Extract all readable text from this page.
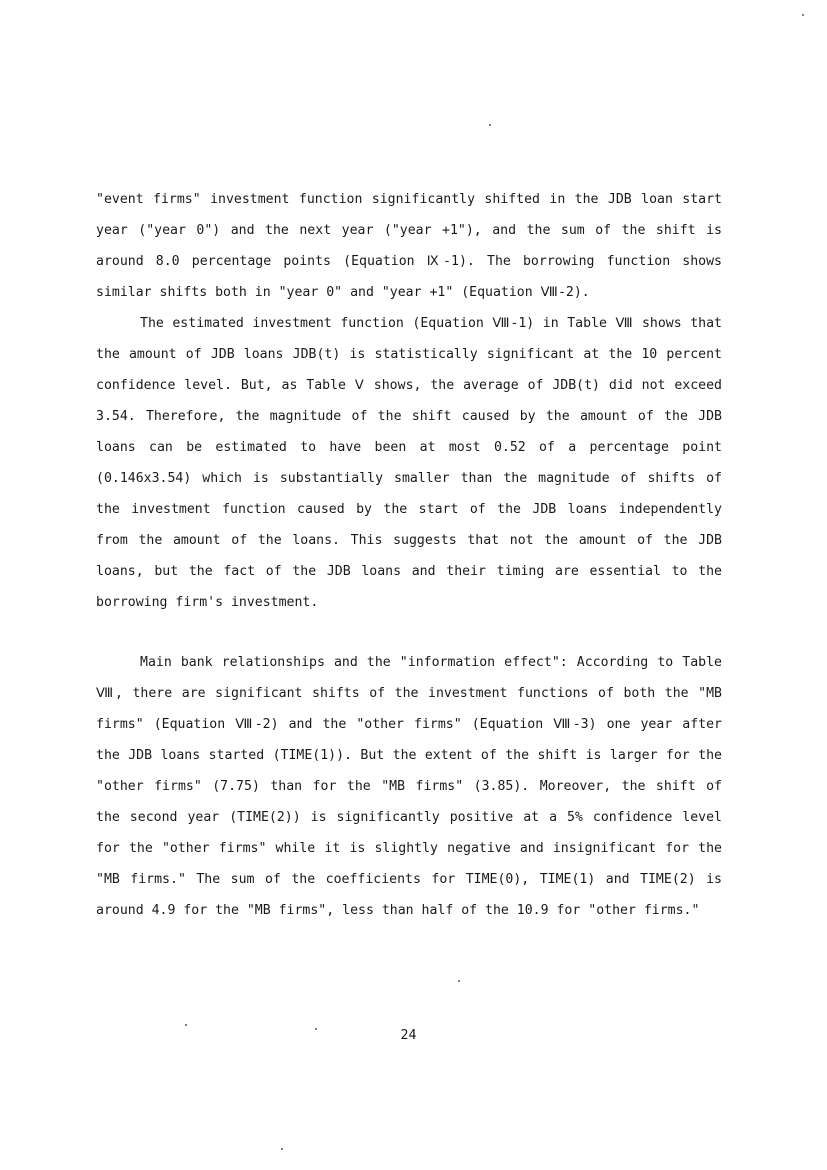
"event firms" investment function significantly shifted in the JDB loan start year ("year 0") and the next year ("year +1"), and the sum of the shift is around 8.0 percentage points (Equation Ⅸ-1). The borrowing function shows similar shifts both in "year 0" and "year +1" (Equation Ⅷ-2).

The estimated investment function (Equation Ⅷ-1) in Table Ⅷ shows that the amount of JDB loans JDB(t) is statistically significant at the 10 percent confidence level. But, as Table Ⅴ shows, the average of JDB(t) did not exceed 3.54. Therefore, the magnitude of the shift caused by the amount of the JDB loans can be estimated to have been at most 0.52 of a percentage point (0.146x3.54) which is substantially smaller than the magnitude of shifts of the investment function caused by the start of the JDB loans independently from the amount of the loans. This suggests that not the amount of the JDB loans, but the fact of the JDB loans and their timing are essential to the borrowing firm's investment.

Main bank relationships and the "information effect": According to Table Ⅷ, there are significant shifts of the investment functions of both the "MB firms" (Equation Ⅷ-2) and the "other firms" (Equation Ⅷ-3) one year after the JDB loans started (TIME(1)). But the extent of the shift is larger for the "other firms" (7.75) than for the "MB firms" (3.85). Moreover, the shift of the second year (TIME(2)) is significantly positive at a 5% confidence level for the "other firms" while it is slightly negative and insignificant for the "MB firms." The sum of the coefficients for TIME(0), TIME(1) and TIME(2) is around 4.9 for the "MB firms", less than half of the 10.9 for "other firms."

24
